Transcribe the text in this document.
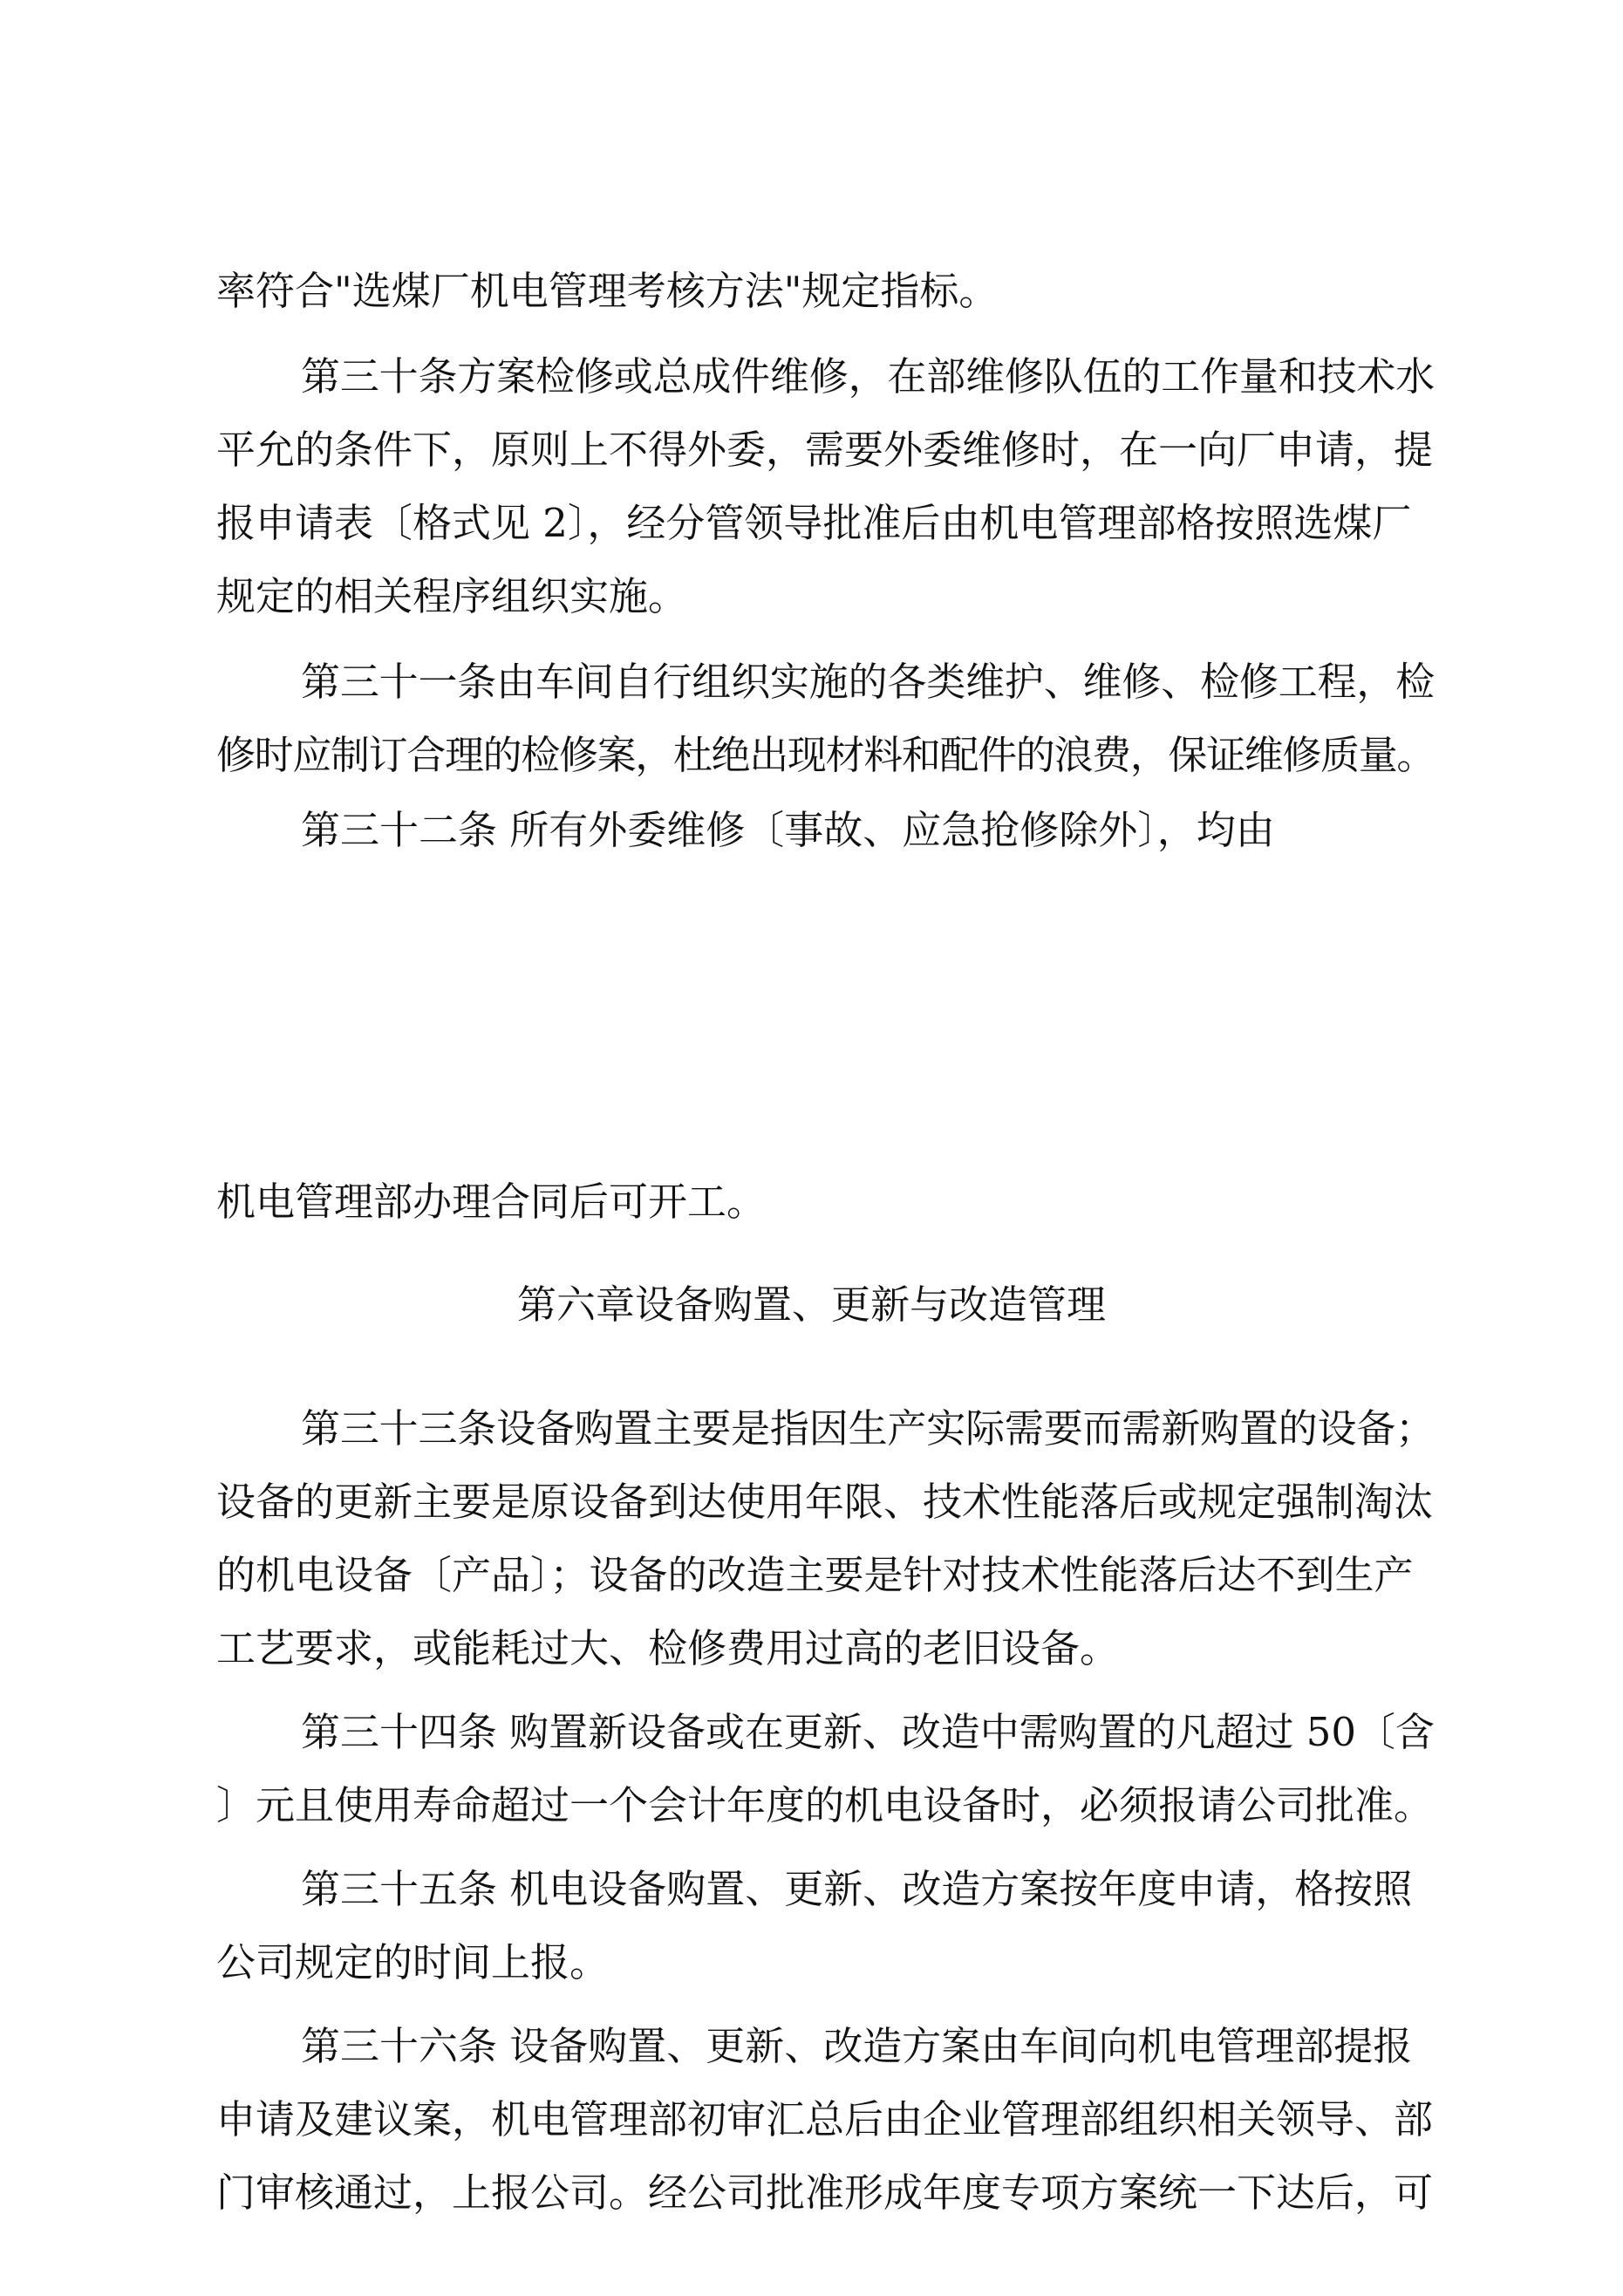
率符合"选煤厂机电管理考核方法"规定指标。

第三十条方案检修或总成件维修，在部维修队伍的工作量和技术水

平允的条件下，原则上不得外委，需要外委维修时，在一向厂申请，提

报申请表〔格式见 2〕，经分管领导批准后由机电管理部格按照选煤厂

规定的相关程序组织实施。

第三十一条由车间自行组织实施的各类维护、维修、检修工程，检

修时应制订合理的检修案，杜绝出现材料和配件的浪费，保证维修质量。

第三十二条 所有外委维修〔事故、应急抢修除外〕，均由

机电管理部办理合同后可开工。

第六章设备购置、更新与改造管理

第三十三条设备购置主要是指因生产实际需要而需新购置的设备；

设备的更新主要是原设备到达使用年限、技术性能落后或规定强制淘汰

的机电设备〔产品〕；设备的改造主要是针对技术性能落后达不到生产

工艺要求，或能耗过大、检修费用过高的老旧设备。

第三十四条 购置新设备或在更新、改造中需购置的凡超过 50〔含

〕元且使用寿命超过一个会计年度的机电设备时，必须报请公司批准。

第三十五条 机电设备购置、更新、改造方案按年度申请，格按照

公司规定的时间上报。

第三十六条 设备购置、更新、改造方案由车间向机电管理部提报

申请及建议案，机电管理部初审汇总后由企业管理部组织相关领导、部

门审核通过，上报公司。经公司批准形成年度专项方案统一下达后，可
